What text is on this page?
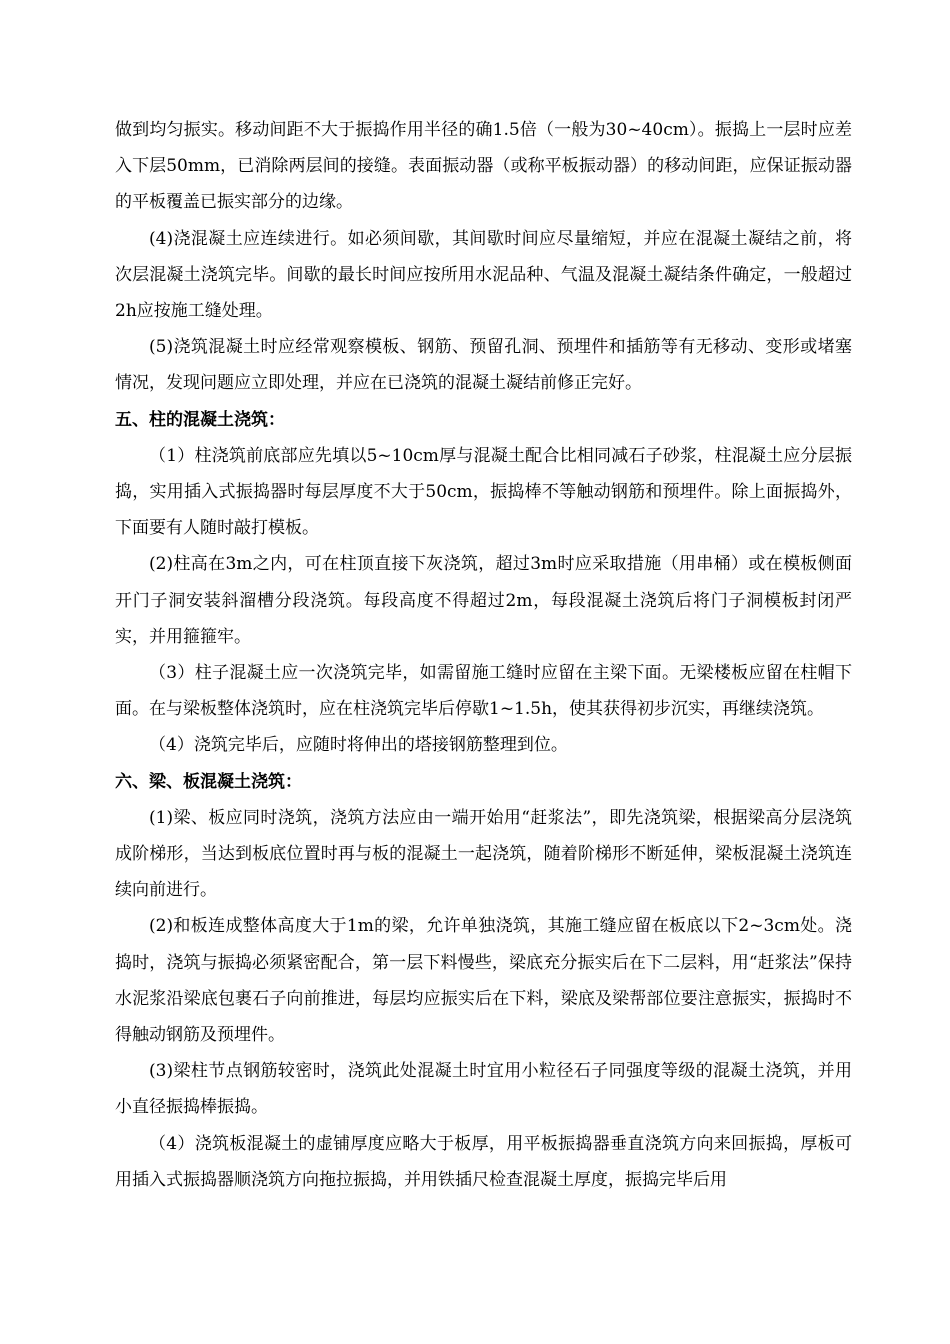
做到均匀振实。移动间距不大于振捣作用半径的确1.5倍（一般为30~40cm）。振捣上一层时应差入下层50mm，已消除两层间的接缝。表面振动器（或称平板振动器）的移动间距，应保证振动器的平板覆盖已振实部分的边缘。

(4)浇混凝土应连续进行。如必须间歇，其间歇时间应尽量缩短，并应在混凝土凝结之前，将次层混凝土浇筑完毕。间歇的最长时间应按所用水泥品种、气温及混凝土凝结条件确定，一般超过2h应按施工缝处理。

(5)浇筑混凝土时应经常观察模板、钢筋、预留孔洞、预埋件和插筋等有无移动、变形或堵塞情况，发现问题应立即处理，并应在已浇筑的混凝土凝结前修正完好。

五、柱的混凝土浇筑：

（1）柱浇筑前底部应先填以5~10cm厚与混凝土配合比相同减石子砂浆，柱混凝土应分层振捣，实用插入式振捣器时每层厚度不大于50cm，振捣棒不等触动钢筋和预埋件。除上面振捣外，下面要有人随时敲打模板。

(2)柱高在3m之内，可在柱顶直接下灰浇筑，超过3m时应采取措施（用串桶）或在模板侧面开门子洞安装斜溜槽分段浇筑。每段高度不得超过2m，每段混凝土浇筑后将门子洞模板封闭严实，并用箍箍牢。

（3）柱子混凝土应一次浇筑完毕，如需留施工缝时应留在主梁下面。无梁楼板应留在柱帽下面。在与梁板整体浇筑时，应在柱浇筑完毕后停歇1~1.5h，使其获得初步沉实，再继续浇筑。

（4）浇筑完毕后，应随时将伸出的塔接钢筋整理到位。

六、梁、板混凝土浇筑：

(1)梁、板应同时浇筑，浇筑方法应由一端开始用“赶浆法”，即先浇筑梁，根据梁高分层浇筑成阶梯形，当达到板底位置时再与板的混凝土一起浇筑，随着阶梯形不断延伸，梁板混凝土浇筑连续向前进行。

(2)和板连成整体高度大于1m的梁，允许单独浇筑，其施工缝应留在板底以下2~3cm处。浇捣时，浇筑与振捣必须紧密配合，第一层下料慢些，梁底充分振实后在下二层料，用“赶浆法”保持水泥浆沿梁底包裹石子向前推进，每层均应振实后在下料，梁底及梁帮部位要注意振实，振捣时不得触动钢筋及预埋件。

(3)梁柱节点钢筋较密时，浇筑此处混凝土时宜用小粒径石子同强度等级的混凝土浇筑，并用小直径振捣棒振捣。

（4）浇筑板混凝土的虚铺厚度应略大于板厚，用平板振捣器垂直浇筑方向来回振捣，厚板可用插入式振捣器顺浇筑方向拖拉振捣，并用铁插尺检查混凝土厚度，振捣完毕后用
